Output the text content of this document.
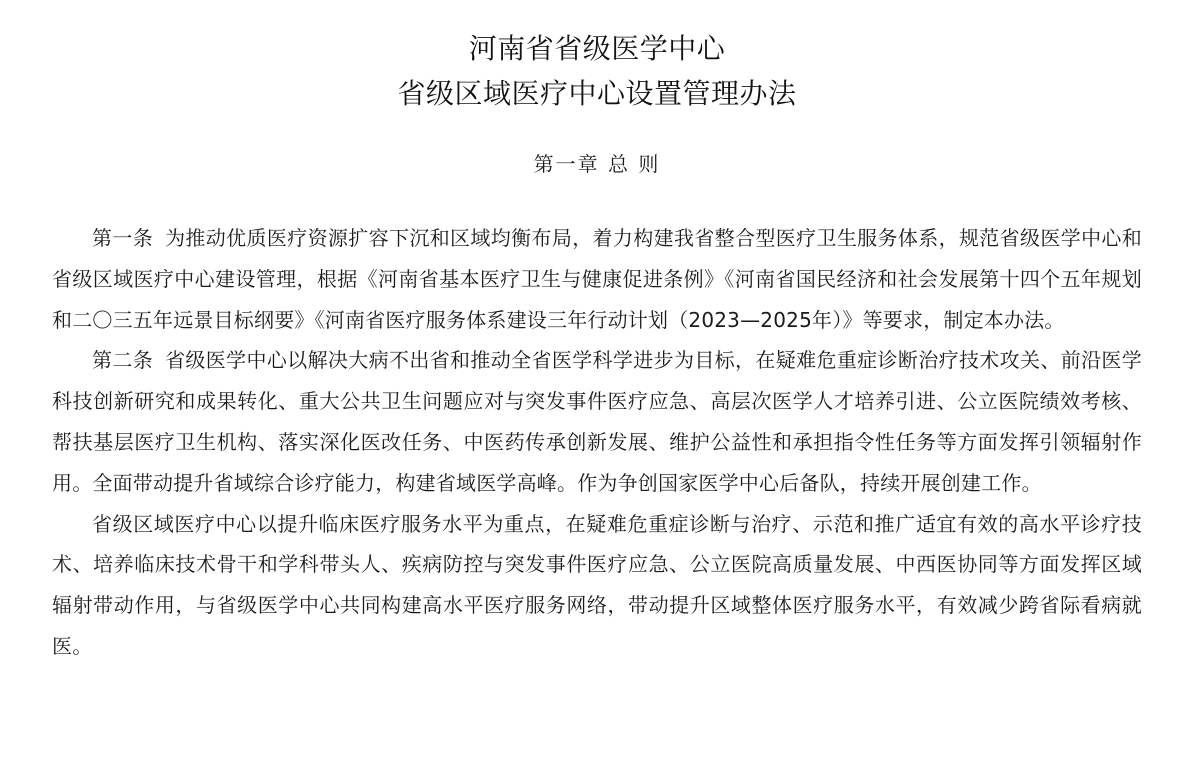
河南省省级医学中心
省级区域医疗中心设置管理办法
第一章 总 则

第一条 为推动优质医疗资源扩容下沉和区域均衡布局，着力构建我省整合型医疗卫生服务体系，规范省级医学中心和省级区域医疗中心建设管理，根据《河南省基本医疗卫生与健康促进条例》《河南省国民经济和社会发展第十四个五年规划和二〇三五年远景目标纲要》《河南省医疗服务体系建设三年行动计划（2023—2025年）》等要求，制定本办法。

第二条 省级医学中心以解决大病不出省和推动全省医学科学进步为目标，在疑难危重症诊断治疗技术攻关、前沿医学科技创新研究和成果转化、重大公共卫生问题应对与突发事件医疗应急、高层次医学人才培养引进、公立医院绩效考核、帮扶基层医疗卫生机构、落实深化医改任务、中医药传承创新发展、维护公益性和承担指令性任务等方面发挥引领辐射作用。全面带动提升省域综合诊疗能力，构建省域医学高峰。作为争创国家医学中心后备队，持续开展创建工作。

省级区域医疗中心以提升临床医疗服务水平为重点，在疑难危重症诊断与治疗、示范和推广适宜有效的高水平诊疗技术、培养临床技术骨干和学科带头人、疾病防控与突发事件医疗应急、公立医院高质量发展、中西医协同等方面发挥区域辐射带动作用，与省级医学中心共同构建高水平医疗服务网络，带动提升区域整体医疗服务水平，有效减少跨省际看病就医。
